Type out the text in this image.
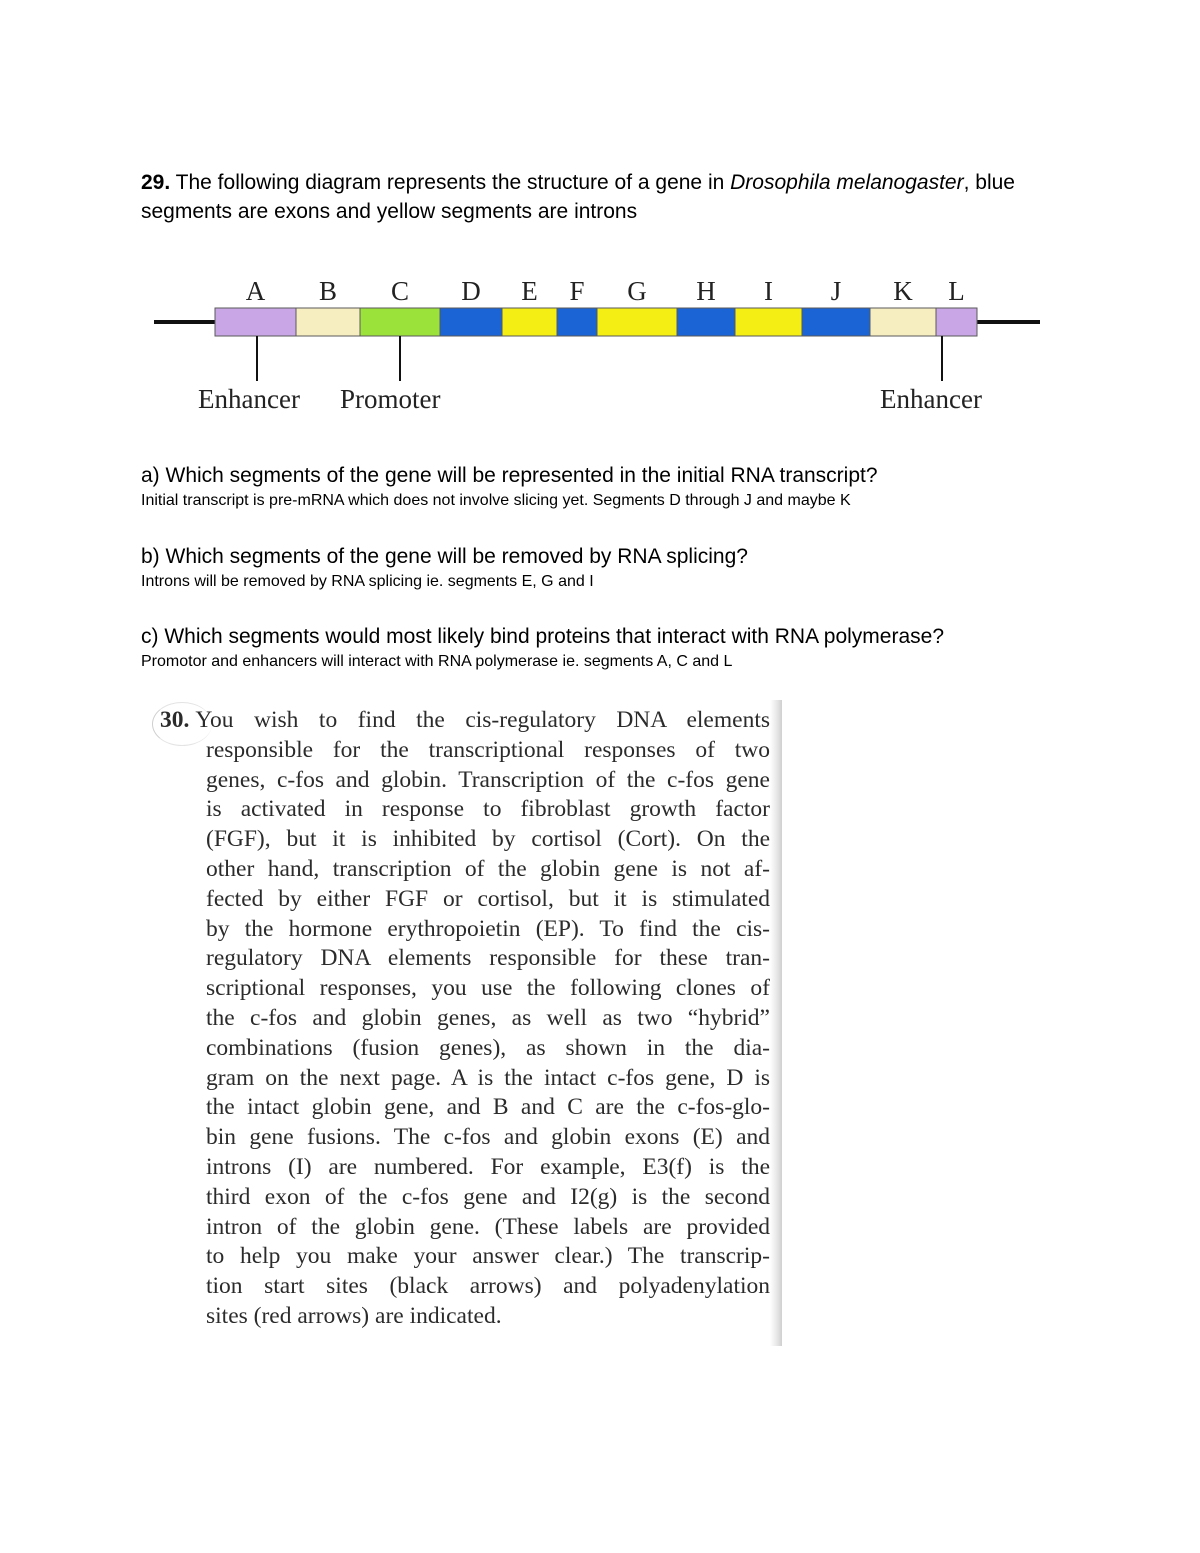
29. The following diagram represents the structure of a gene in Drosophila melanogaster, blue segments are exons and yellow segments are introns
A B C D E F G H I J K L
Enhancer Promoter	Enhancer
a) Which segments of the gene will be represented in the initial RNA transcript?
Initial transcript is pre-mRNA which does not involve slicing yet. Segments D through J and maybe K
b) Which segments of the gene will be removed by RNA splicing?
Introns will be removed by RNA splicing ie. segments E, G and I
c) Which segments would most likely bind proteins that interact with RNA polymerase?
Promotor and enhancers will interact with RNA polymerase ie. segments A, C and L
30. You wish to find the cis-regulatory DNA elements
responsible for the transcriptional responses of two
genes, c-fos and globin. Transcription of the c-fos gene
is activated in response to fibroblast growth factor
(FGF), but it is inhibited by cortisol (Cort). On the
other hand, transcription of the globin gene is not af-
fected by either FGF or cortisol, but it is stimulated
by the hormone erythropoietin (EP). To find the cis-
regulatory DNA elements responsible for these tran-
scriptional responses, you use the following clones of
the c-fos and globin genes, as well as two “hybrid”
combinations (fusion genes), as shown in the dia-
gram on the next page. A is the intact c-fos gene, D is
the intact globin gene, and B and C are the c-fos-glo-
bin gene fusions. The c-fos and globin exons (E) and
introns (I) are numbered. For example, E3(f) is the
third exon of the c-fos gene and I2(g) is the second
intron of the globin gene. (These labels are provided
to help you make your answer clear.) The transcrip-
tion start sites (black arrows) and polyadenylation
sites (red arrows) are indicated.
